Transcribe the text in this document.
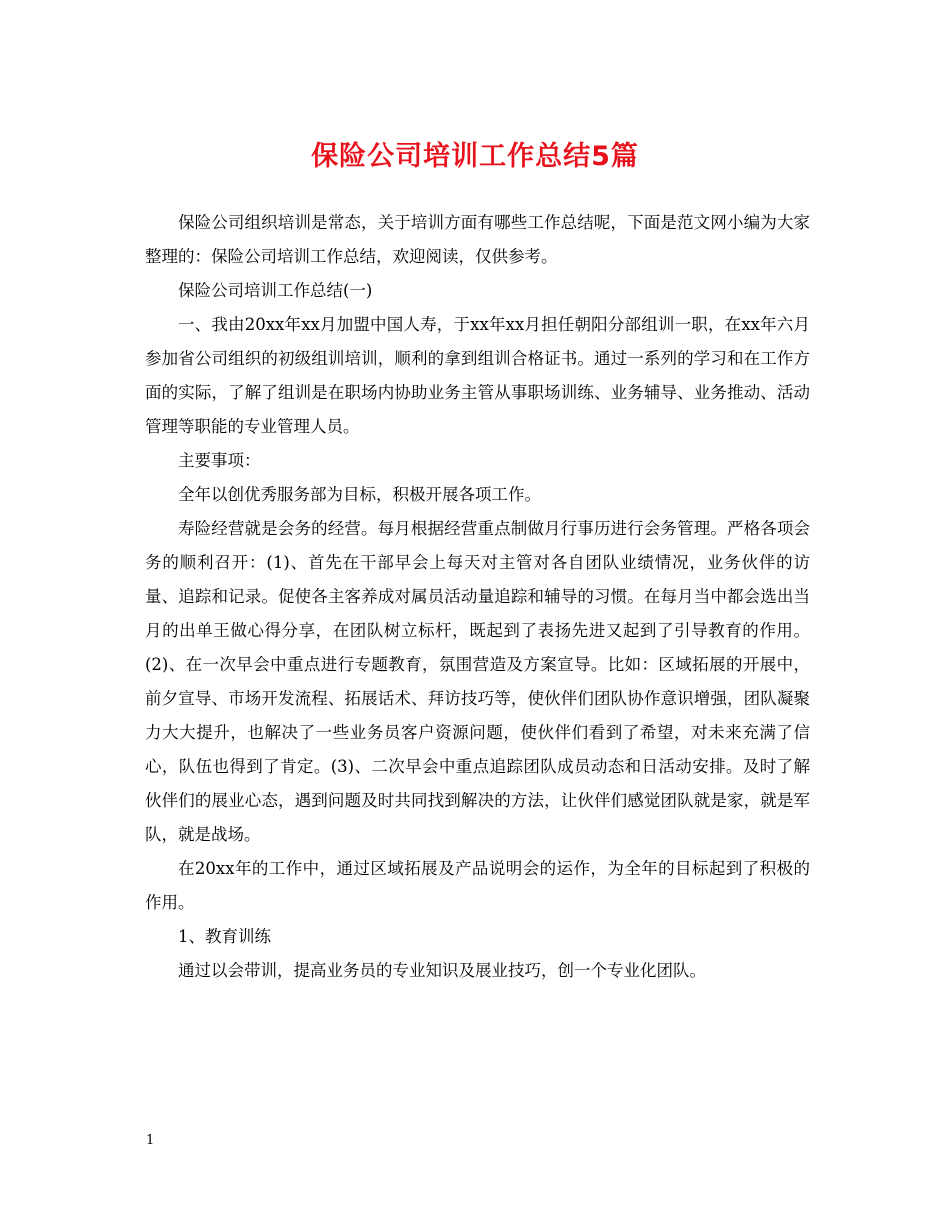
保险公司培训工作总结5篇

保险公司组织培训是常态，关于培训方面有哪些工作总结呢，下面是范文网小编为大家整理的：保险公司培训工作总结，欢迎阅读，仅供参考。

保险公司培训工作总结(一)

一、我由20xx年xx月加盟中国人寿，于xx年xx月担任朝阳分部组训一职，在xx年六月参加省公司组织的初级组训培训，顺利的拿到组训合格证书。通过一系列的学习和在工作方面的实际，了解了组训是在职场内协助业务主管从事职场训练、业务辅导、业务推动、活动管理等职能的专业管理人员。

主要事项：

全年以创优秀服务部为目标，积极开展各项工作。

寿险经营就是会务的经营。每月根据经营重点制做月行事历进行会务管理。严格各项会务的顺利召开：(1)、首先在干部早会上每天对主管对各自团队业绩情况，业务伙伴的访量、追踪和记录。促使各主客养成对属员活动量追踪和辅导的习惯。在每月当中都会选出当月的出单王做心得分享，在团队树立标杆，既起到了表扬先进又起到了引导教育的作用。(2)、在一次早会中重点进行专题教育，氛围营造及方案宣导。比如：区域拓展的开展中，前夕宣导、市场开发流程、拓展话术、拜访技巧等，使伙伴们团队协作意识增强，团队凝聚力大大提升，也解决了一些业务员客户资源问题，使伙伴们看到了希望，对未来充满了信心，队伍也得到了肯定。(3)、二次早会中重点追踪团队成员动态和日活动安排。及时了解伙伴们的展业心态，遇到问题及时共同找到解决的方法，让伙伴们感觉团队就是家，就是军队，就是战场。

在20xx年的工作中，通过区域拓展及产品说明会的运作，为全年的目标起到了积极的作用。

1、教育训练

通过以会带训，提高业务员的专业知识及展业技巧，创一个专业化团队。

1
